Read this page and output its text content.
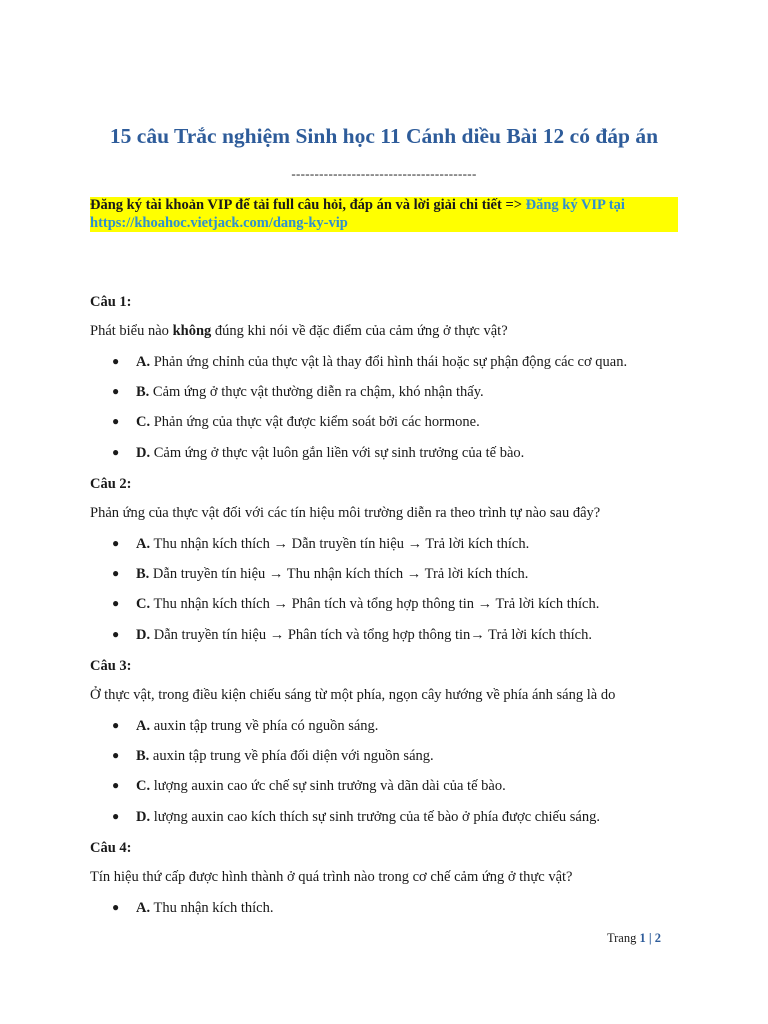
15 câu Trắc nghiệm Sinh học 11 Cánh diều Bài 12 có đáp án
----------------------------------------
Đăng ký tài khoản VIP để tải full câu hỏi, đáp án và lời giải chi tiết => Đăng ký VIP tại
https://khoahoc.vietjack.com/dang-ky-vip
Câu 1:
Phát biểu nào không đúng khi nói về đặc điểm của cảm ứng ở thực vật?
● A. Phản ứng chỉnh của thực vật là thay đổi hình thái hoặc sự phận động các cơ quan.
● B. Cảm ứng ở thực vật thường diễn ra chậm, khó nhận thấy.
● C. Phản ứng của thực vật được kiểm soát bởi các hormone.
● D. Cảm ứng ở thực vật luôn gắn liền với sự sinh trưởng của tế bào.
Câu 2:
Phản ứng của thực vật đối với các tín hiệu môi trường diễn ra theo trình tự nào sau đây?
● A. Thu nhận kích thích → Dẫn truyền tín hiệu → Trả lời kích thích.
● B. Dẫn truyền tín hiệu → Thu nhận kích thích → Trả lời kích thích.
● C. Thu nhận kích thích → Phân tích và tổng hợp thông tin → Trả lời kích thích.
● D. Dẫn truyền tín hiệu → Phân tích và tổng hợp thông tin→ Trả lời kích thích.
Câu 3:
Ở thực vật, trong điều kiện chiếu sáng từ một phía, ngọn cây hướng về phía ánh sáng là do
● A. auxin tập trung về phía có nguồn sáng.
● B. auxin tập trung về phía đối diện với nguồn sáng.
● C. lượng auxin cao ức chế sự sinh trưởng và dãn dài của tế bào.
● D. lượng auxin cao kích thích sự sinh trưởng của tế bào ở phía được chiếu sáng.
Câu 4:
Tín hiệu thứ cấp được hình thành ở quá trình nào trong cơ chế cảm ứng ở thực vật?
● A. Thu nhận kích thích.
Trang 1 | 2
